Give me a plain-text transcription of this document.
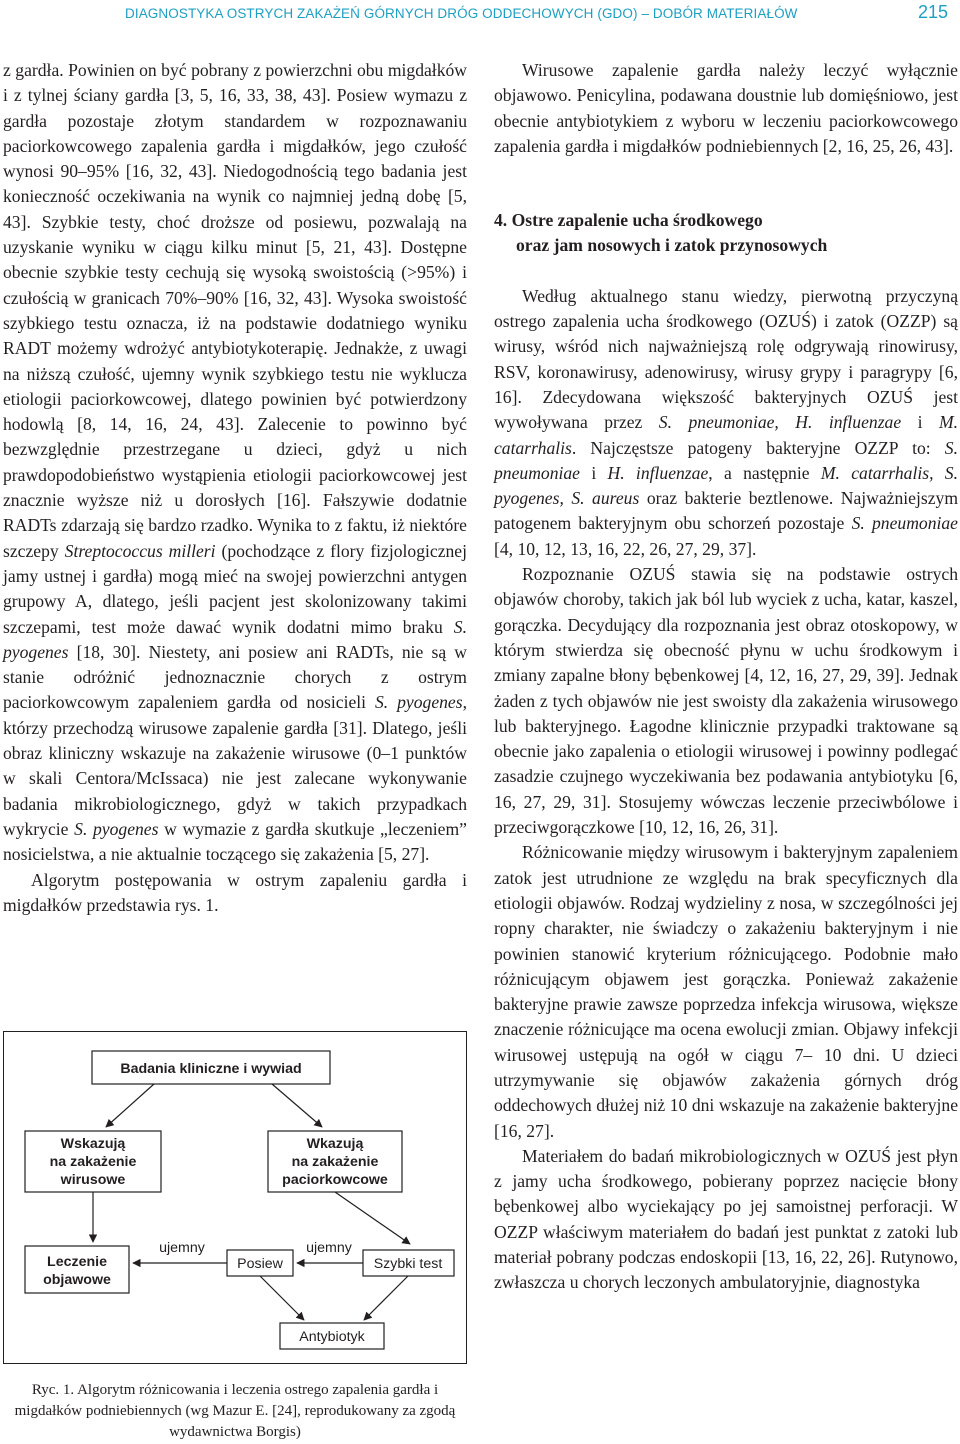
DIAGNOSTYKA OSTRYCH ZAKAŻEŃ GÓRNYCH DRÓG ODDECHOWYCH (GDO) – DOBÓR MATERIAŁÓW	215

z gardła. Powinien on być pobrany z powierzchni obu migdałków i z tylnej ściany gardła [3, 5, 16, 33, 38, 43]. Posiew wymazu z gardła pozostaje złotym standardem w rozpoznawaniu paciorkowcowego zapalenia gardła i migdałków, jego czułość wynosi 90–95% [16, 32, 43]. Niedogodnością tego badania jest konieczność oczekiwania na wynik co najmniej jedną dobę [5, 43]. Szybkie testy, choć droższe od posiewu, pozwalają na uzyskanie wyniku w ciągu kilku minut [5, 21, 43]. Dostępne obecnie szybkie testy cechują się wysoką swoistością (>95%) i czułością w granicach 70%–90% [16, 32, 43]. Wysoka swoistość szybkiego testu oznacza, iż na podstawie dodatniego wyniku RADT możemy wdrożyć antybiotykoterapię. Jednakże, z uwagi na niższą czułość, ujemny wynik szybkiego testu nie wyklucza etiologii paciorkowcowej, dlatego powinien być potwierdzony hodowlą [8, 14, 16, 24, 43]. Zalecenie to powinno być bezwzględnie przestrzegane u dzieci, gdyż u nich prawdopodobieństwo wystąpienia etiologii paciorkowcowej jest znacznie wyższe niż u dorosłych [16]. Fałszywie dodatnie RADTs zdarzają się bardzo rzadko. Wynika to z faktu, iż niektóre szczepy Streptococcus milleri (pochodzące z flory fizjologicznej jamy ustnej i gardła) mogą mieć na swojej powierzchni antygen grupowy A, dlatego, jeśli pacjent jest skolonizowany takimi szczepami, test może dawać wynik dodatni mimo braku S. pyogenes [18, 30]. Niestety, ani posiew ani RADTs, nie są w stanie odróżnić jednoznacznie chorych z ostrym paciorkowcowym zapaleniem gardła od nosicieli S. pyogenes, którzy przechodzą wirusowe zapalenie gardła [31]. Dlatego, jeśli obraz kliniczny wskazuje na zakażenie wirusowe (0–1 punktów w skali Centora/McIssaca) nie jest zalecane wykonywanie badania mikrobiologicznego, gdyż w takich przypadkach wykrycie S. pyogenes w wymazie z gardła skutkuje „leczeniem” nosicielstwa, a nie aktualnie toczącego się zakażenia [5, 27].

Algorytm postępowania w ostrym zapaleniu gardła i migdałków przedstawia rys. 1.

Badania kliniczne i wywiad
Wskazują
na zakażenie
wirusowe
Wkazują
na zakażenie
paciorkowcowe
Leczenie
objawowe
Posiew	Szybki test
ujemny	ujemny
Antybiotyk
Ryc. 1. Algorytm różnicowania i leczenia ostrego zapalenia gardła i migdałków podniebiennych (wg Mazur E. [24], reprodukowany za zgodą wydawnictwa Borgis)

Wirusowe zapalenie gardła należy leczyć wyłącznie objawowo. Penicylina, podawana doustnie lub domięśniowo, jest obecnie antybiotykiem z wyboru w leczeniu paciorkowcowego zapalenia gardła i migdałków podniebiennych [2, 16, 25, 26, 43].

4. Ostre zapalenie ucha środkowego
oraz jam nosowych i zatok przynosowych

Według aktualnego stanu wiedzy, pierwotną przyczyną ostrego zapalenia ucha środkowego (OZUŚ) i zatok (OZZP) są wirusy, wśród nich najważniejszą rolę odgrywają rinowirusy, RSV, koronawirusy, adenowirusy, wirusy grypy i paragrypy [6, 16]. Zdecydowana większość bakteryjnych OZUŚ jest wywoływana przez S. pneumoniae, H. influenzae i M. catarrhalis. Najczęstsze patogeny bakteryjne OZZP to: S. pneumoniae i H. influenzae, a następnie M. catarrhalis, S. pyogenes, S. aureus oraz bakterie beztlenowe. Najważniejszym patogenem bakteryjnym obu schorzeń pozostaje S. pneumoniae [4, 10, 12, 13, 16, 22, 26, 27, 29, 37].

Rozpoznanie OZUŚ stawia się na podstawie ostrych objawów choroby, takich jak ból lub wyciek z ucha, katar, kaszel, gorączka. Decydujący dla rozpoznania jest obraz otoskopowy, w którym stwierdza się obecność płynu w uchu środkowym i zmiany zapalne błony bębenkowej [4, 12, 16, 27, 29, 39]. Jednak żaden z tych objawów nie jest swoisty dla zakażenia wirusowego lub bakteryjnego. Łagodne klinicznie przypadki traktowane są obecnie jako zapalenia o etiologii wirusowej i powinny podlegać zasadzie czujnego wyczekiwania bez podawania antybiotyku [6, 16, 27, 29, 31]. Stosujemy wówczas leczenie przeciwbólowe i przeciwgorączkowe [10, 12, 16, 26, 31].

Różnicowanie między wirusowym i bakteryjnym zapaleniem zatok jest utrudnione ze względu na brak specyficznych dla etiologii objawów. Rodzaj wydzieliny z nosa, w szczególności jej ropny charakter, nie świadczy o zakażeniu bakteryjnym i nie powinien stanowić kryterium różnicującego. Podobnie mało różnicującym objawem jest gorączka. Ponieważ zakażenie bakteryjne prawie zawsze poprzedza infekcja wirusowa, większe znaczenie różnicujące ma ocena ewolucji zmian. Objawy infekcji wirusowej ustępują na ogół w ciągu 7– 10 dni. U dzieci utrzymywanie się objawów zakażenia górnych dróg oddechowych dłużej niż 10 dni wskazuje na zakażenie bakteryjne [16, 27].

Materiałem do badań mikrobiologicznych w OZUŚ jest płyn z jamy ucha środkowego, pobierany poprzez nacięcie błony bębenkowej albo wyciekający po jej samoistnej perforacji. W OZZP właściwym materiałem do badań jest punktat z zatoki lub materiał pobrany podczas endoskopii [13, 16, 22, 26]. Rutynowo, zwłaszcza u chorych leczonych ambulatoryjnie, diagnostyka
